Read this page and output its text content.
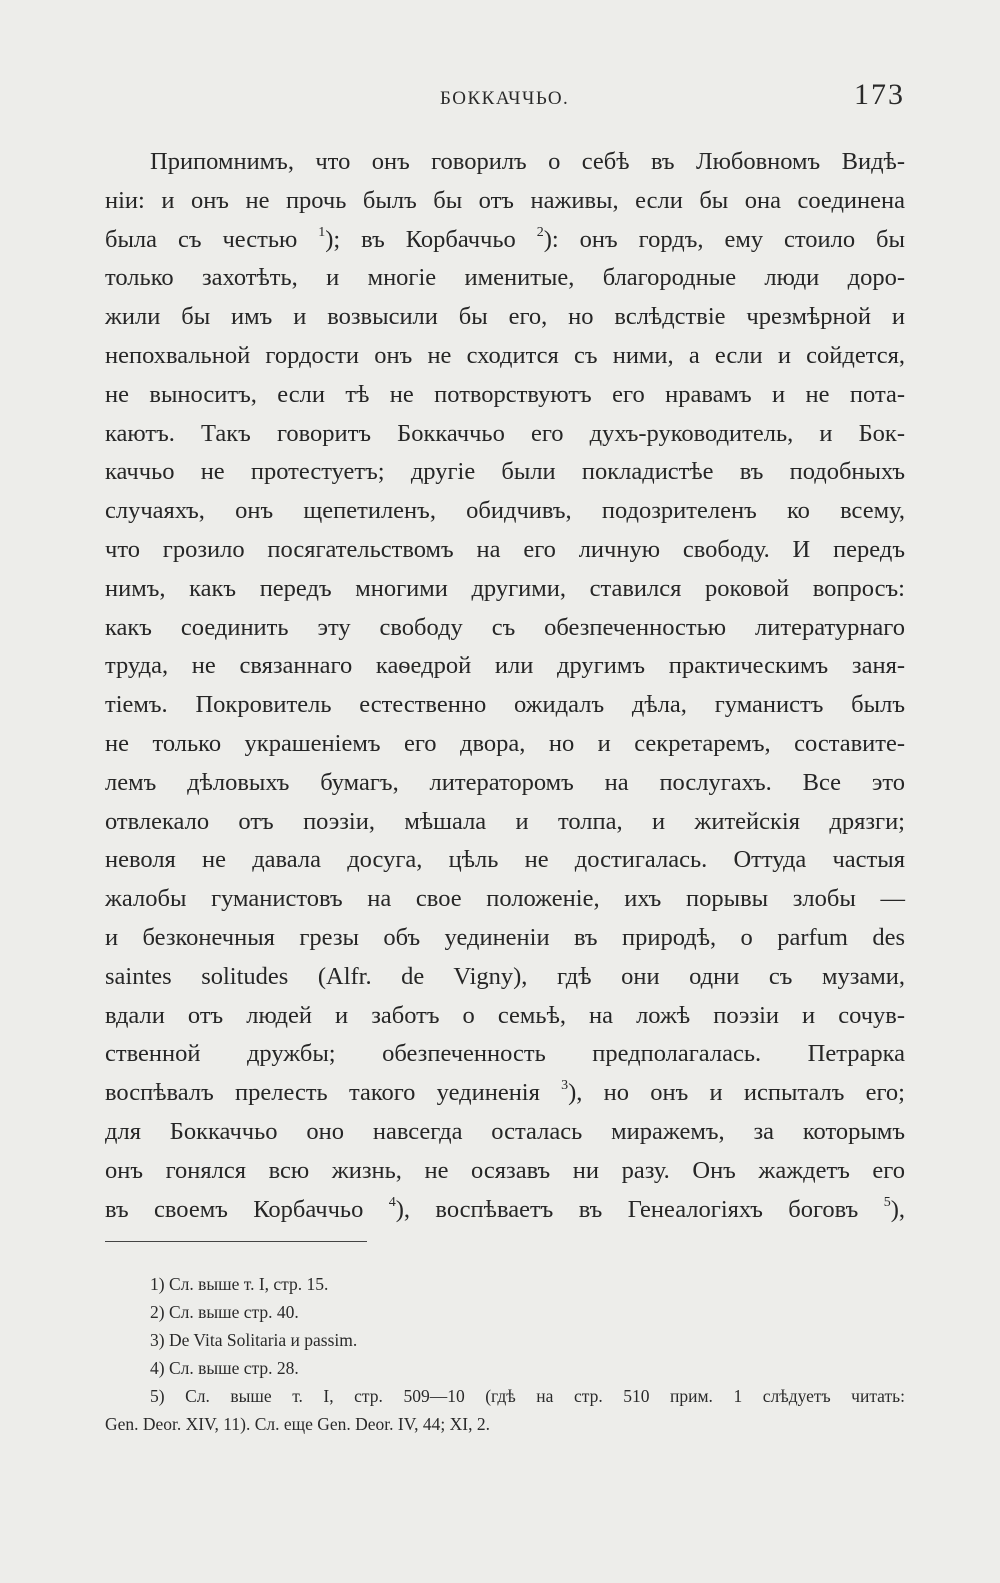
БОККАЧЧЬО.	173
Припомнимъ, что онъ говорилъ о себѣ въ Любовномъ Видѣ-
нiи: и онъ не прочь былъ бы отъ наживы, если бы она соединена
была съ честью $^1$); въ Корбаччьо $^2$): онъ гордъ, ему стоило бы
только захотѣть, и многiе именитые, благородные люди доро-
жили бы имъ и возвысили бы его, но вслѣдствiе чрезмѣрной и
непохвальной гордости онъ не сходится съ ними, а если и сойдется,
не выноситъ, если тѣ не потворствуютъ его нравамъ и не пота-
каютъ. Такъ говоритъ Боккаччьо его духъ-руководитель, и Бок-
каччьо не протестуетъ; другiе были покладистѣе въ подобныхъ
случаяхъ, онъ щепетиленъ, обидчивъ, подозрителенъ ко всему,
что грозило посягательствомъ на его личную свободу. И передъ
нимъ, какъ передъ многими другими, ставился роковой вопросъ:
какъ соединить эту свободу съ обезпеченностью литературнаго
труда, не связаннаго каѳедрой или другимъ практическимъ заня-
тiемъ. Покровитель естественно ожидалъ дѣла, гуманистъ былъ
не только украшенiемъ его двора, но и секретаремъ, составите-
лемъ дѣловыхъ бумагъ, литераторомъ на послугахъ. Все это
отвлекало отъ поэзiи, мѣшала и толпа, и житейскiя дрязги;
неволя не давала досуга, цѣль не достигалась. Оттуда частыя
жалобы гуманистовъ на свое положенiе, ихъ порывы злобы —
и безконечныя грезы объ уединенiи въ природѣ, о parfum des
saintes solitudes (Alfr. de Vigny), гдѣ они одни съ музами,
вдали отъ людей и заботъ о семьѣ, на ложѣ поэзiи и сочув-
ственной дружбы; обезпеченность предполагалась. Петрарка
воспѣвалъ прелесть такого уединенiя $^3$), но онъ и испыталъ его;
для Боккаччьо оно навсегда осталась миражемъ, за которымъ
онъ гонялся всю жизнь, не осязавъ ни разу. Онъ жаждетъ его
въ своемъ Корбаччьо $^4$), воспѣваетъ въ Генеалогiяхъ боговъ $^5$),
1) Сл. выше т. I, стр. 15.
2) Сл. выше стр. 40.
3) De Vita Solitaria и passim.
4) Сл. выше стр. 28.
5) Сл. выше т. I, стр. 509—10 (гдѣ на стр. 510 прим. 1 слѣдуетъ читать:
Gen. Deor. XIV, 11). Сл. еще Gen. Deor. IV, 44; XI, 2.
